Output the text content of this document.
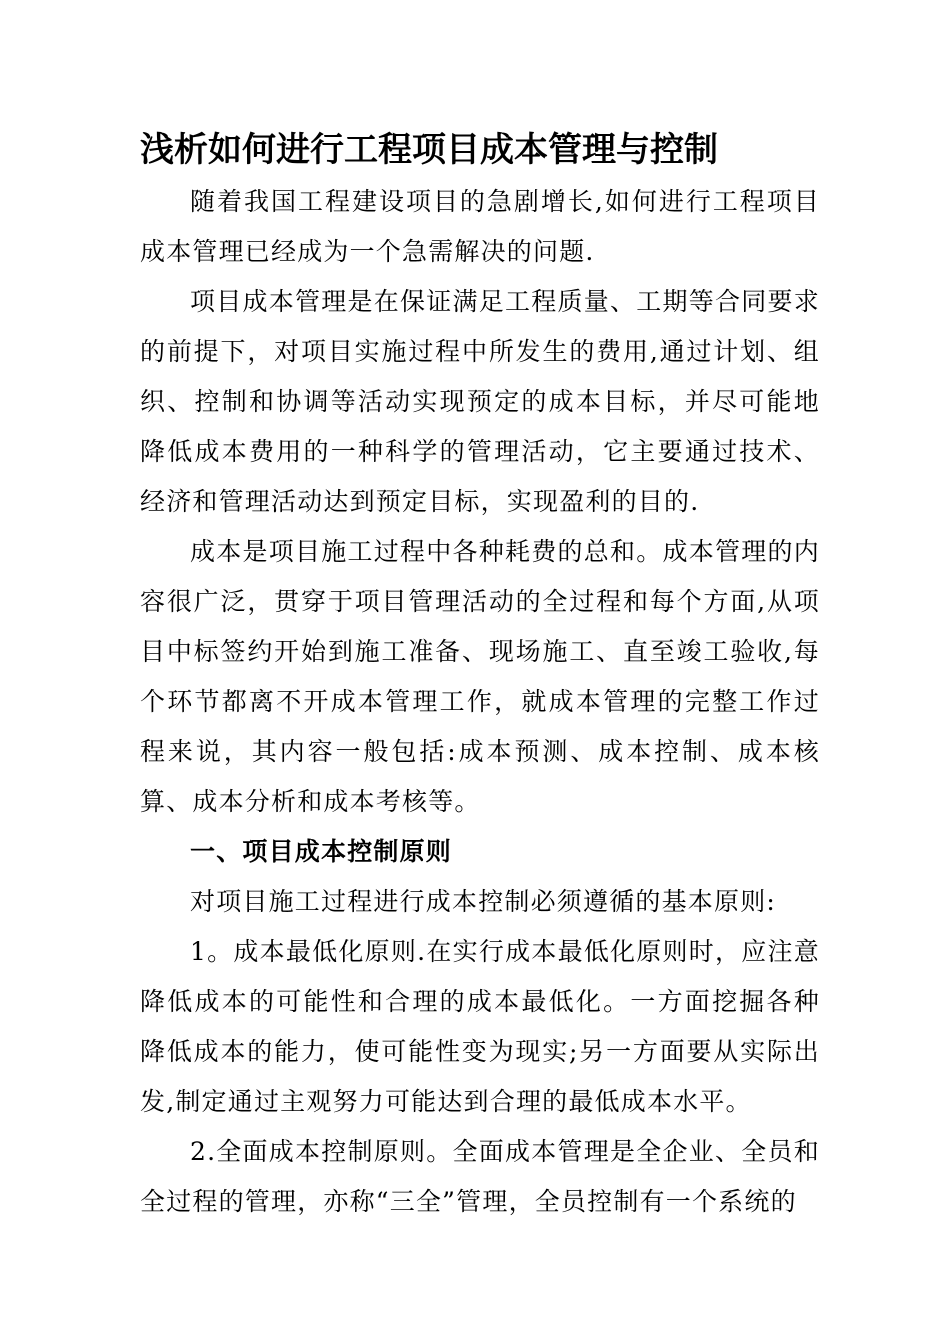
浅析如何进行工程项目成本管理与控制

随着我国工程建设项目的急剧增长,如何进行工程项目成本管理已经成为一个急需解决的问题.

项目成本管理是在保证满足工程质量、工期等合同要求的前提下，对项目实施过程中所发生的费用,通过计划、组织、控制和协调等活动实现预定的成本目标，并尽可能地降低成本费用的一种科学的管理活动，它主要通过技术、经济和管理活动达到预定目标，实现盈利的目的.

成本是项目施工过程中各种耗费的总和。成本管理的内容很广泛，贯穿于项目管理活动的全过程和每个方面,从项目中标签约开始到施工准备、现场施工、直至竣工验收,每个环节都离不开成本管理工作，就成本管理的完整工作过程来说，其内容一般包括:成本预测、成本控制、成本核算、成本分析和成本考核等。

一、项目成本控制原则

对项目施工过程进行成本控制必须遵循的基本原则:

1。成本最低化原则.在实行成本最低化原则时，应注意降低成本的可能性和合理的成本最低化。一方面挖掘各种降低成本的能力，使可能性变为现实;另一方面要从实际出发,制定通过主观努力可能达到合理的最低成本水平。

2.全面成本控制原则。全面成本管理是全企业、全员和全过程的管理，亦称“三全”管理，全员控制有一个系统的
